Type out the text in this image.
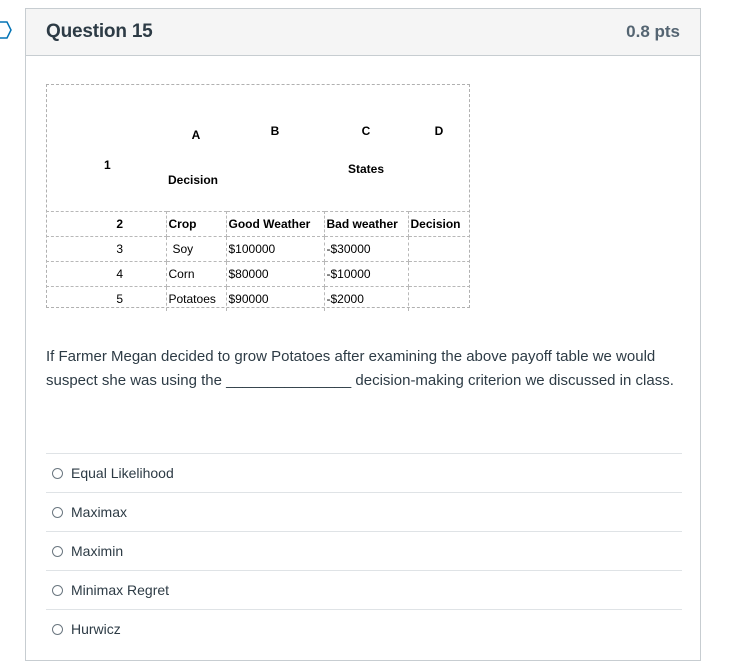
Question 15	0.8 pts
	A	B	C	D
1	Decision		States	
2	Crop	Good Weather	Bad weather	Decision
3	Soy	$100000	-$30000	
4	Corn	$80000	-$10000	
5	Potatoes	$90000	-$2000	
If Farmer Megan decided to grow Potatoes after examining the above payoff table we would suspect she was using the _______________ decision-making criterion we discussed in class.
Equal Likelihood
Maximax
Maximin
Minimax Regret
Hurwicz
